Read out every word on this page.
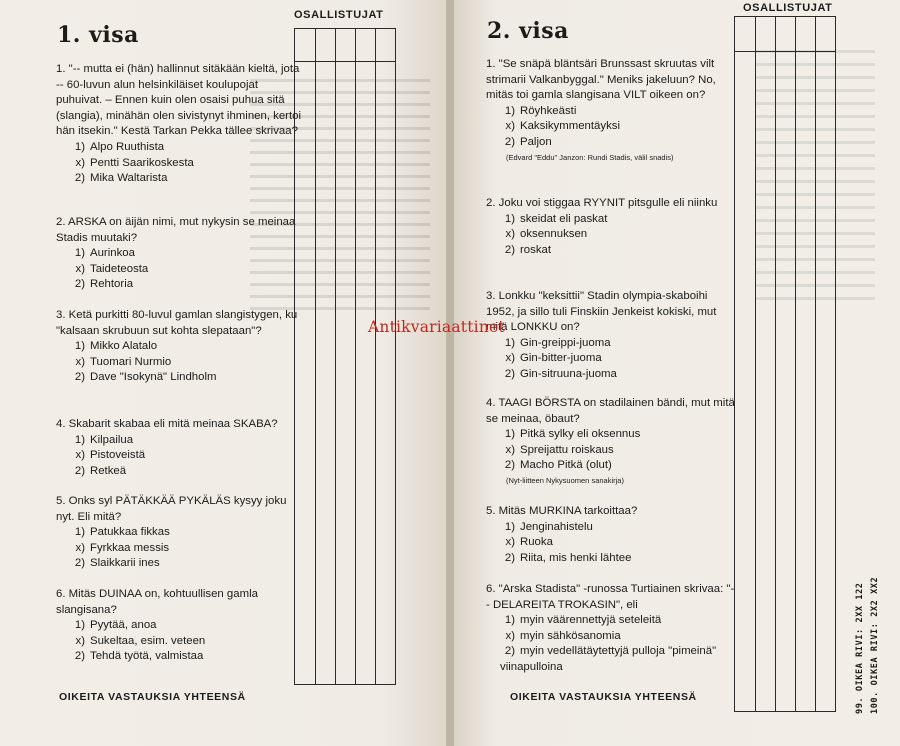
1. visa
OSALLISTUJAT
1. "-- mutta ei (hän) hallinnut sitäkään kieltä, jota -- 60-luvun alun helsinkiläiset koulupojat puhuivat. – Ennen kuin olen osaisi puhua sitä (slangia), minähän olen sivistynyt ihminen, kertoi hän itsekin." Kestä Tarkan Pekka tällee skrivaa?
1) Alpo Ruuthista
x) Pentti Saarikoskesta
2) Mika Waltarista
2. ARSKA on äijän nimi, mut nykysin se meinaa Stadis muutaki?
1) Aurinkoa
x) Taideteosta
2) Rehtoria
3. Ketä purkitti 80-luvul gamlan slangistygen, ku "kalsaan skrubuun sut kohta slepataan"?
1) Mikko Alatalo
x) Tuomari Nurmio
2) Dave "Isokynä" Lindholm
4. Skabarit skabaa eli mitä meinaa SKABA?
1) Kilpailua
x) Pistoveistä
2) Retkeä
5. Onks syl PÄTÄKKÄÄ PYKÄLÄS kysyy joku nyt. Eli mitä?
1) Patukkaa fikkas
x) Fyrkkaa messis
2) Slaikkarii ines
6. Mitäs DUINAA on, kohtuullisen gamla slangisana?
1) Pyytää, anoa
x) Sukeltaa, esim. veteen
2) Tehdä työtä, valmistaa
OIKEITA VASTAUKSIA YHTEENSÄ
2. visa
OSALLISTUJAT
1. "Se snäpä bläntsäri Brunssast skruutas vilt strimarii Valkanbyggal." Meniks jakeluun? No, mitäs toi gamla slangisana VILT oikeen on?
1) Röyhkeästi
x) Kaksikymmentäyksi
2) Paljon
(Edvard "Eddu" Janzon: Rundi Stadis, välil snadis)
2. Joku voi stiggaa RYYNIT pitsgulle eli niinku
1) skeidat eli paskat
x) oksennuksen
2) roskat
3. Lonkku "keksittii" Stadin olympia-skaboihi 1952, ja sillo tuli Finskiin Jenkeist kokiski, mut mitä LONKKU on?
1) Gin-greippi-juoma
x) Gin-bitter-juoma
2) Gin-sitruuna-juoma
4. TAAGI BÖRSTA on stadilainen bändi, mut mitä se meinaa, öbaut?
1) Pitkä sylky eli oksennus
x) Spreijattu roiskaus
2) Macho Pitkä (olut)
(Nyt-liitteen Nykysuomen sanakirja)
5. Mitäs MURKINA tarkoittaa?
1) Jenginahistelu
x) Ruoka
2) Riita, mis henki lähtee
6. "Arska Stadista" -runossa Turtiainen skrivaa: "-- DELAREITA TROKASIN", eli
1) myin väärennettyjä seteleitä
x) myin sähkösanomia
2) myin vedellätäytettyjä pulloja "pimeinä" viinapulloina
OIKEITA VASTAUKSIA YHTEENSÄ	99. OIKEA RIVI: 2XX 122 100. OIKEA RIVI: 2X2 XX2
Antikvariaattinet
